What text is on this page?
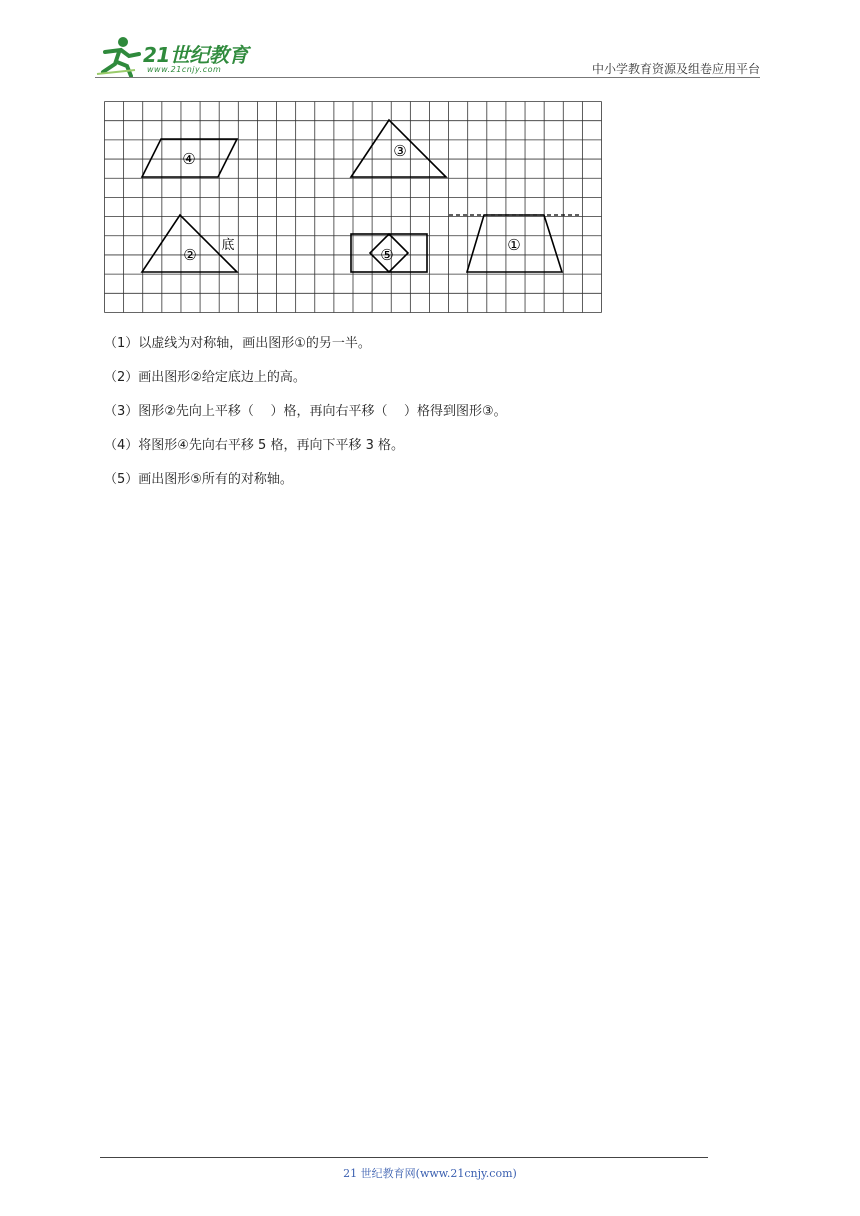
21世纪教育
www.21cnjy.com	中小学教育资源及组卷应用平台
④	③
②
底
⑤
①
（1）以虚线为对称轴，画出图形①的另一半。
（2）画出图形②给定底边上的高。
（3）图形②先向上平移（    ）格，再向右平移（    ）格得到图形③。
（4）将图形④先向右平移 5 格，再向下平移 3 格。
（5）画出图形⑤所有的对称轴。
21 世纪教育网(www.21cnjy.com)
